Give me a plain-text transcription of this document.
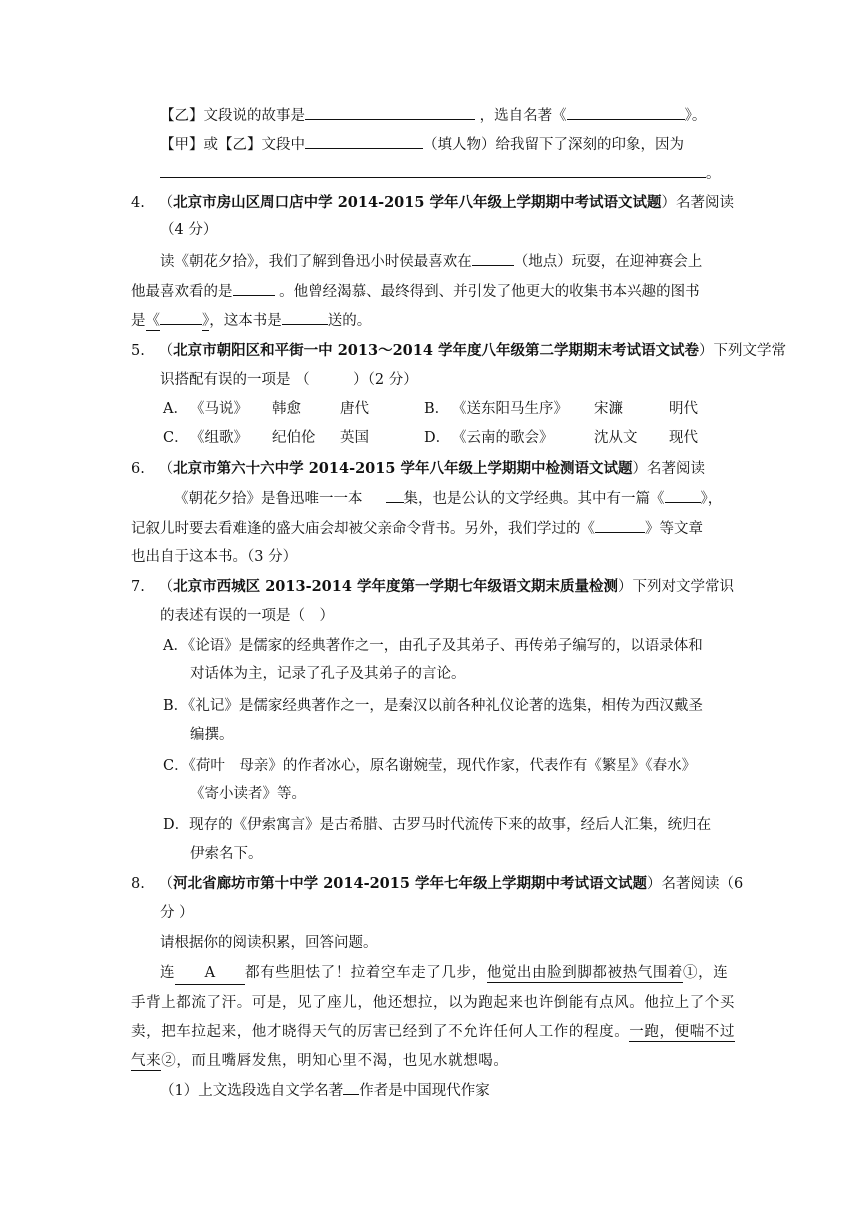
【乙】文段说的故事是	，选自名著《	》。
【甲】或【乙】文段中	（填人物）给我留下了深刻的印象，因为
。
4. （北京市房山区周口店中学 2014-2015 学年八年级上学期期中考试语文试题）名著阅读
（4 分）
读《朝花夕拾》，我们了解到鲁迅小时侯最喜欢在	（地点）玩耍，在迎神赛会上
他最喜欢看的是	。他曾经渴慕、最终得到、并引发了他更大的收集书本兴趣的图书
是《	》，这本书是	送的。
5. （北京市朝阳区和平街一中 2013～2014 学年度八年级第二学期期末考试语文试卷）下列文学常
识搭配有误的一项是 （　　　）（2 分）
A． 《马说》 韩愈	唐代	B． 《送东阳马生序》 宋濂	明代
C． 《组歌》 纪伯伦 英国	D． 《云南的歌会》	沈从文 现代
6. （北京市第六十六中学 2014-2015 学年八年级上学期期中检测语文试题）名著阅读
《朝花夕拾》是鲁迅唯一一本	集，也是公认的文学经典。其中有一篇《 》，
记叙儿时要去看难逢的盛大庙会却被父亲命令背书。另外，我们学过的《	》等文章
也出自于这本书。（3 分）
7. （北京市西城区 2013-2014 学年度第一学期七年级语文期末质量检测）下列对文学常识
的表述有误的一项是（　）
A．《论语》是儒家的经典著作之一，由孔子及其弟子、再传弟子编写的，以语录体和
对话体为主，记录了孔子及其弟子的言论。
B．《礼记》是儒家经典著作之一，是秦汉以前各种礼仪论著的选集，相传为西汉戴圣
编撰。
C．《荷叶　母亲》的作者冰心，原名谢婉莹，现代作家，代表作有《繁星》《春水》
《寄小读者》等。
D．现存的《伊索寓言》是古希腊、古罗马时代流传下来的故事，经后人汇集，统归在
伊索名下。
8. （河北省廊坊市第十中学 2014-2015 学年七年级上学期期中考试语文试题）名著阅读（6
分 ）
请根据你的阅读积累，回答问题。
连 A 都有些胆怯了！拉着空车走了几步，他觉出由脸到脚都被热气围着①，连
手背上都流了汗。可是，见了座儿，他还想拉，以为跑起来也许倒能有点风。他拉上了个买
卖，把车拉起来，他才晓得天气的厉害已经到了不允许任何人工作的程度。一跑，便喘不过
气来②，而且嘴唇发焦，明知心里不渴，也见水就想喝。
（1）上文选段选自文学名著 作者是中国现代作家
